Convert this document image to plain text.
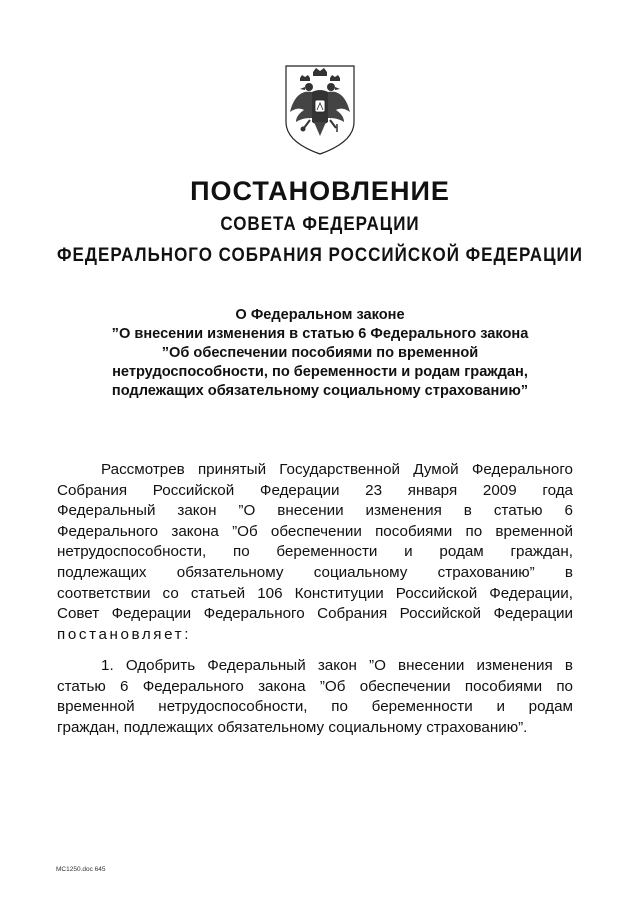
ПОСТАНОВЛЕНИЕ
СОВЕТА ФЕДЕРАЦИИ
ФЕДЕРАЛЬНОГО СОБРАНИЯ РОССИЙСКОЙ ФЕДЕРАЦИИ
О Федеральном законе
”О внесении изменения в статью 6 Федерального закона
”Об обеспечении пособиями по временной
нетрудоспособности, по беременности и родам граждан,
подлежащих обязательному социальному страхованию”
Рассмотрев принятый Государственной Думой Федерального
Собрания Российской Федерации 23 января 2009 года
Федеральный закон ”О внесении изменения в статью 6
Федерального закона ”Об обеспечении пособиями по временной
нетрудоспособности, по беременности и родам граждан,
подлежащих обязательному социальному страхованию” в
соответствии со статьей 106 Конституции Российской Федерации,
Совет Федерации Федерального Собрания Российской Федерации
постановляет:
1. Одобрить Федеральный закон ”О внесении изменения в
статью 6 Федерального закона ”Об обеспечении пособиями по
временной нетрудоспособности, по беременности и родам
граждан, подлежащих обязательному социальному страхованию”.
МС1250.doc 645
